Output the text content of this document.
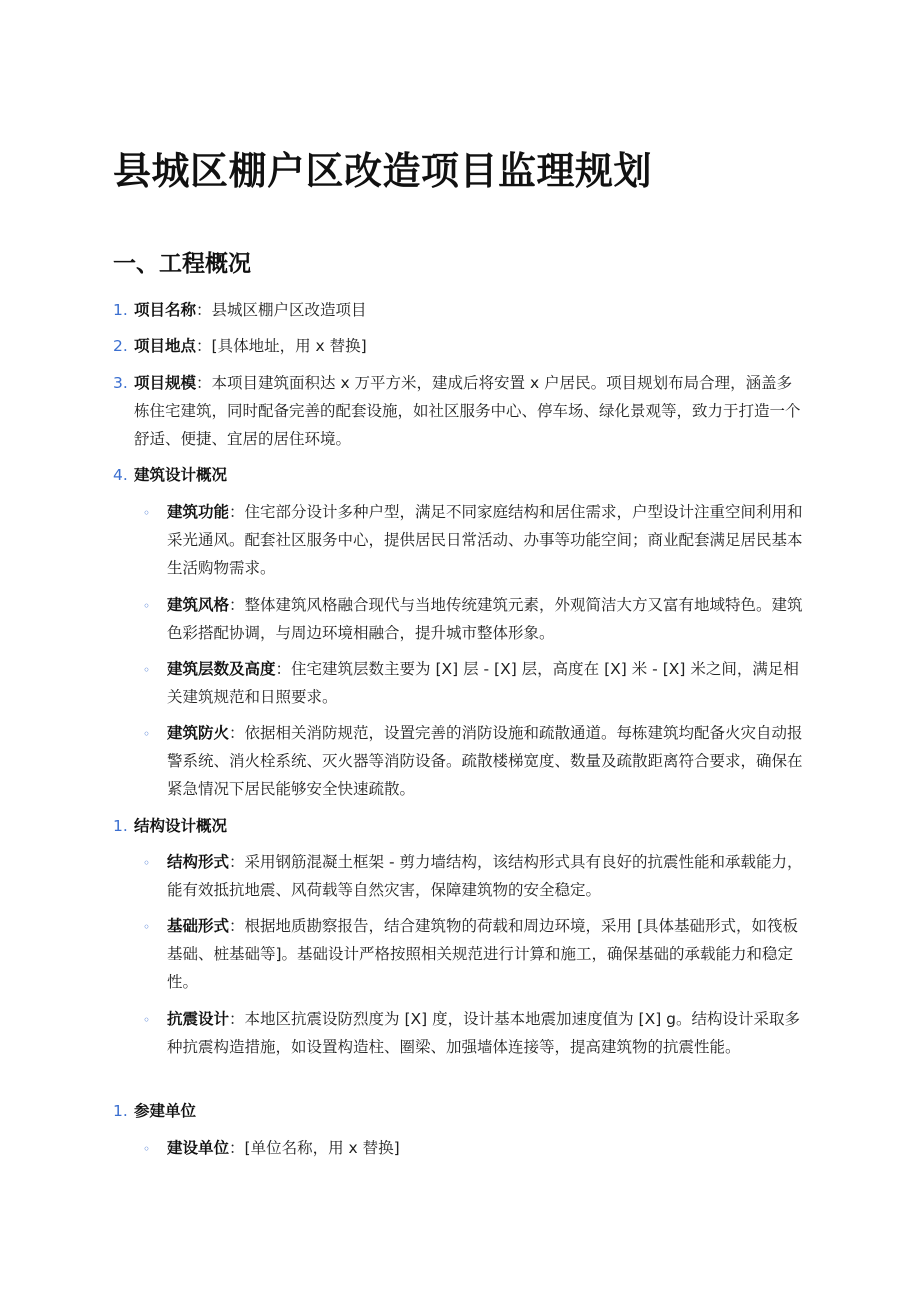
县城区棚户区改造项目监理规划
一、工程概况
1. 项目名称：县城区棚户区改造项目
2. 项目地点：[具体地址，用 x 替换]
3. 项目规模：本项目建筑面积达 x 万平方米，建成后将安置 x 户居民。项目规划布局合理，涵盖多栋住宅建筑，同时配备完善的配套设施，如社区服务中心、停车场、绿化景观等，致力于打造一个舒适、便捷、宜居的居住环境。
4. 建筑设计概况
◦ 建筑功能：住宅部分设计多种户型，满足不同家庭结构和居住需求，户型设计注重空间利用和采光通风。配套社区服务中心，提供居民日常活动、办事等功能空间；商业配套满足居民基本生活购物需求。
◦ 建筑风格：整体建筑风格融合现代与当地传统建筑元素，外观简洁大方又富有地域特色。建筑色彩搭配协调，与周边环境相融合，提升城市整体形象。
◦ 建筑层数及高度：住宅建筑层数主要为 [X] 层 - [X] 层，高度在 [X] 米 - [X] 米之间，满足相关建筑规范和日照要求。
◦ 建筑防火：依据相关消防规范，设置完善的消防设施和疏散通道。每栋建筑均配备火灾自动报警系统、消火栓系统、灭火器等消防设备。疏散楼梯宽度、数量及疏散距离符合要求，确保在紧急情况下居民能够安全快速疏散。
1. 结构设计概况
◦ 结构形式：采用钢筋混凝土框架 - 剪力墙结构，该结构形式具有良好的抗震性能和承载能力，能有效抵抗地震、风荷载等自然灾害，保障建筑物的安全稳定。
◦ 基础形式：根据地质勘察报告，结合建筑物的荷载和周边环境，采用 [具体基础形式，如筏板基础、桩基础等]。基础设计严格按照相关规范进行计算和施工，确保基础的承载能力和稳定性。
◦ 抗震设计：本地区抗震设防烈度为 [X] 度，设计基本地震加速度值为 [X] g。结构设计采取多种抗震构造措施，如设置构造柱、圈梁、加强墙体连接等，提高建筑物的抗震性能。
1. 参建单位
◦ 建设单位：[单位名称，用 x 替换]
